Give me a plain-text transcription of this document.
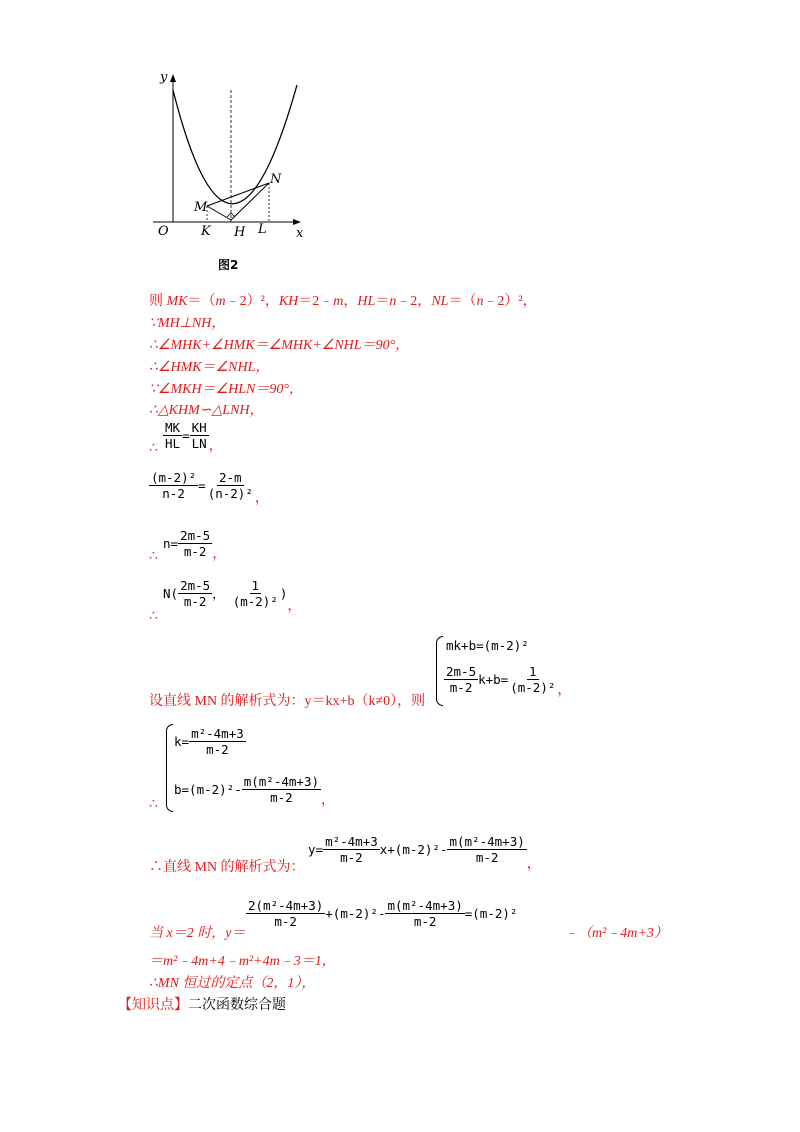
y
x
O
M
N
K H L
图2
则 MK＝（m﹣2）²，KH＝2﹣m，HL＝n﹣2，NL＝（n﹣2）²，
∵MH⊥NH，
∴∠MHK+∠HMK＝∠MHK+∠NHL＝90°，
∴∠HMK＝∠NHL，
∵∠MKH＝∠HLN＝90°，
∴△KHM∽△LNH，
∴ $\frac{MK}{HL} = \frac{KH}{LN}$ ，
$\frac{\text{(m-2)²}}{n-2} = \frac{2-m}{\text{(n-2)²}}$ ，
∴ $n= \frac{2m-5}{m-2}$ ，
∴ $N( \frac{2m-5}{m-2}$ ， $\frac{1}{\text{(m-2)²}}$ )，
设直线 MN 的解析式为：y＝kx+b（k≠0），则
mk+b=(m-2)²
$\frac{2m-5}{m-2} k+b= \frac{1}{\text{(m-2)²}}$ ，
∴
$k= \frac{\text{m²-4m+3}}{m-2}$
$b=(m-2)^2- \frac{\text{m(m²-4m+3)}}{m-2}$ ，
∴直线 MN 的解析式为：
$y= \frac{\text{m²-4m+3}}{m-2} x+(m-2)^2- \frac{\text{m(m²-4m+3)}}{m-2}$ ，
当 x＝2 时，y＝
$\frac{\text{2(m²-4m+3)}}{m-2} +(m-2)^2- \frac{\text{m(m²-4m+3)}}{m-2} =(m-2)^2$
﹣（m²﹣4m+3）
＝m²﹣4m+4﹣m²+4m﹣3＝1，
∴MN 恒过的定点（2，1），
【知识点】二次函数综合题
